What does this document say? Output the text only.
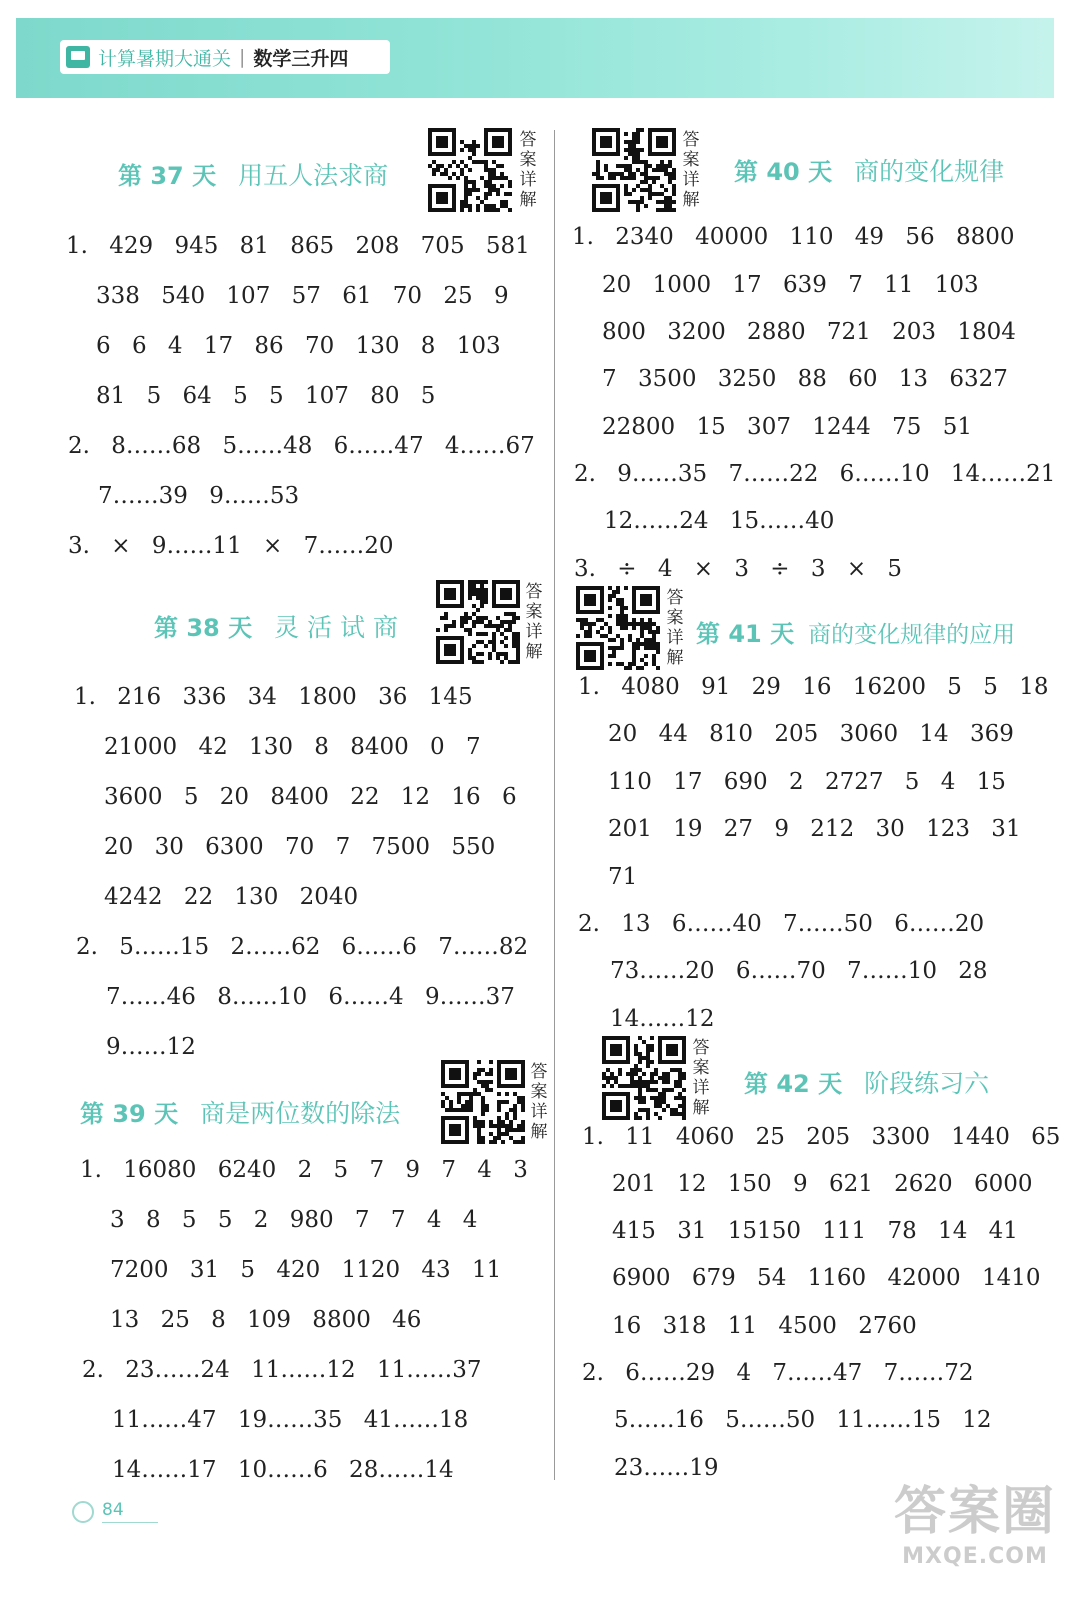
计算暑期大通关 | 数学三升四
第 37 天 用五人法求商
答
案
详
解
1. 429 945 81 865 208 705 581
338 540 107 57 61 70 25 9
6 6 4 17 86 70 130 8 103
81 5 64 5 5 107 80 5
2. 8……68 5……48 6……47 4……67
7……39 9……53
3. × 9……11 × 7……20
第 38 天 灵 活 试 商
答
案
详
解
1. 216 336 34 1800 36 145
21000 42 130 8 8400 0 7
3600 5 20 8400 22 12 16 6
20 30 6300 70 7 7500 550
4242 22 130 2040
2. 5……15 2……62 6……6 7……82
7……46 8……10 6……4 9……37
9……12
第 39 天 商是两位数的除法
答
案
详
解
1. 16080 6240 2 5 7 9 7 4 3
3 8 5 5 2 980 7 7 4 4
7200 31 5 420 1120 43 11
13 25 8 109 8800 46
2. 23……24 11……12 11……37
11……47 19……35 41……18
14……17 10……6 28……14
答
案
详
解
第 40 天 商的变化规律
1. 2340 40000 110 49 56 8800
20 1000 17 639 7 11 103
800 3200 2880 721 203 1804
7 3500 3250 88 60 13 6327
22800 15 307 1244 75 51
2. 9……35 7……22 6……10 14……21
12……24 15……40
3. ÷ 4 × 3 ÷ 3 × 5
答
案
详
解
第 41 天 商的变化规律的应用
1. 4080 91 29 16 16200 5 5 18
20 44 810 205 3060 14 369
110 17 690 2 2727 5 4 15
201 19 27 9 212 30 123 31
71
2. 13 6……40 7……50 6……20
73……20 6……70 7……10 28
14……12
答
案
详
解
第 42 天 阶段练习六
1. 11 4060 25 205 3300 1440 65
201 12 150 9 621 2620 6000
415 31 15150 111 78 14 41
6900 679 54 1160 42000 1410
16 318 11 4500 2760
2. 6……29 4 7……47 7……72
5……16 5……50 11……15 12
23……19
84	答案圈
MXQE.COM
